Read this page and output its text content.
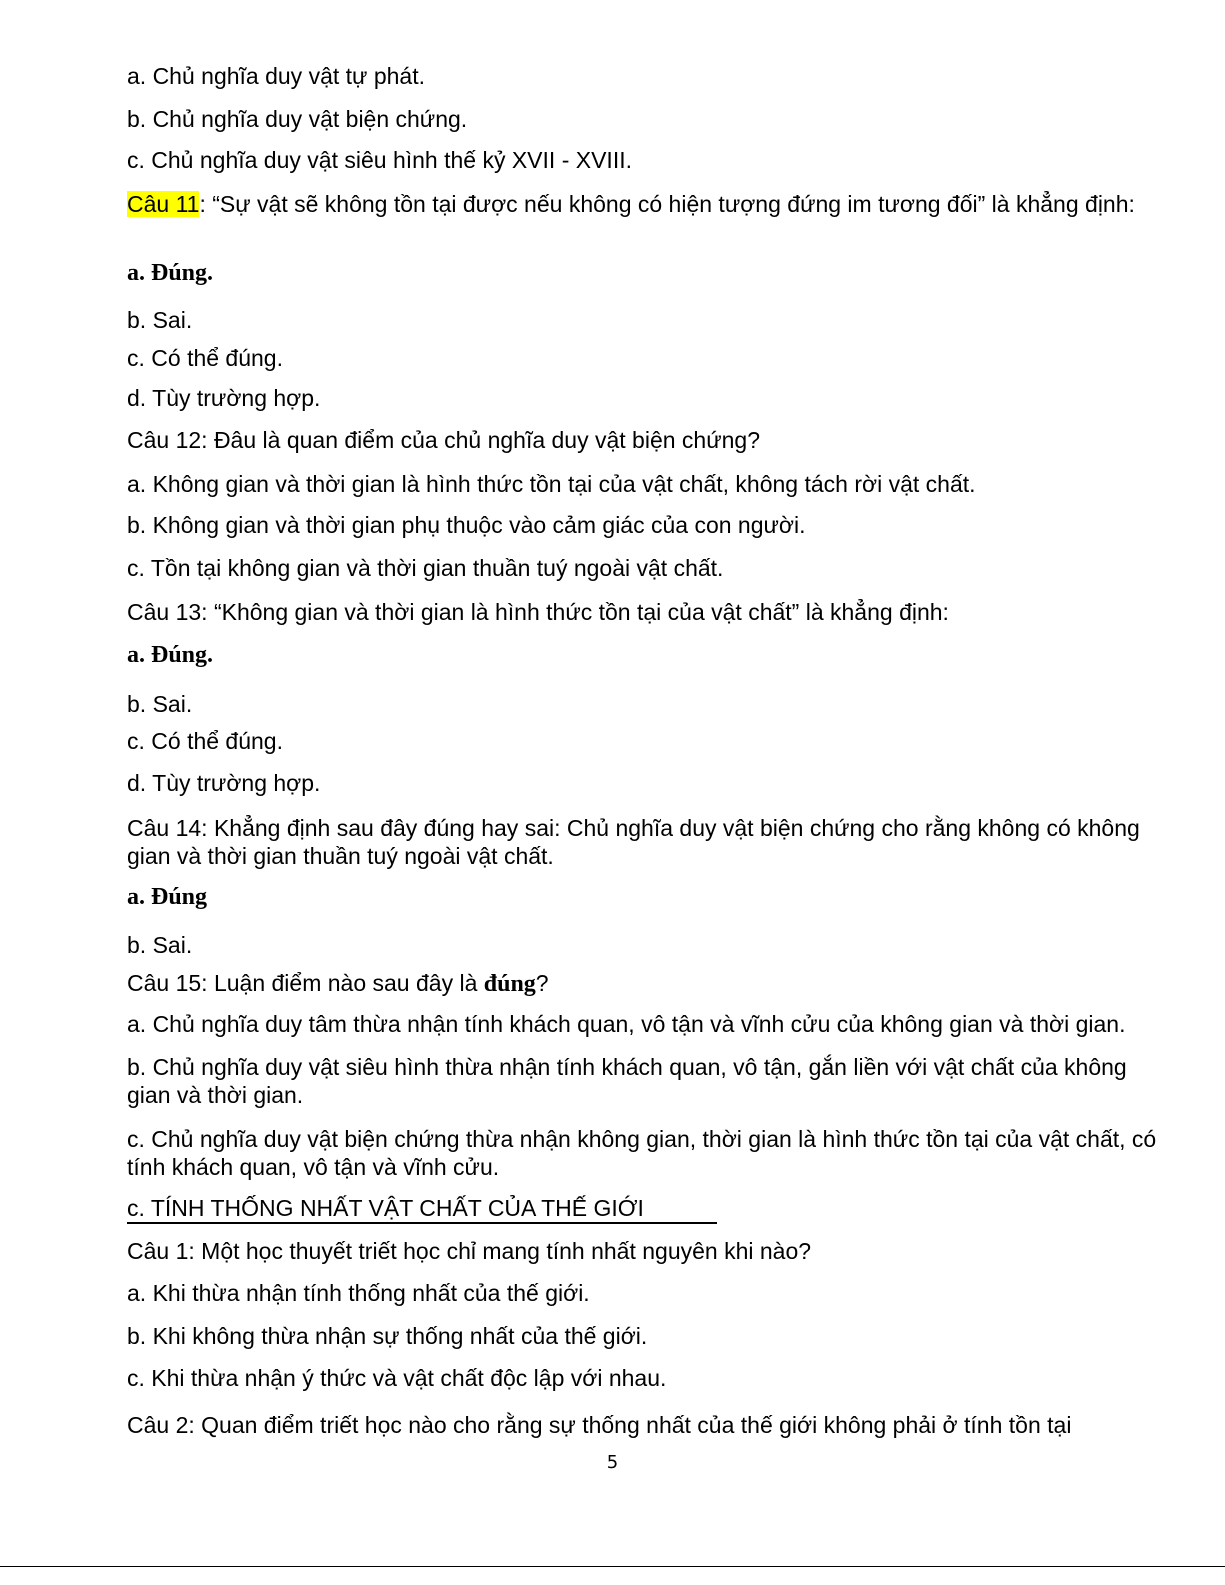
a. Chủ nghĩa duy vật tự phát.
b. Chủ nghĩa duy vật biện chứng.
c. Chủ nghĩa duy vật siêu hình thế kỷ XVII - XVIII.
Câu 11: “Sự vật sẽ không tồn tại được nếu không có hiện tượng đứng im tương đối” là khẳng định:
a. Đúng.
b. Sai.
c. Có thể đúng.
d. Tùy trường hợp.
Câu 12: Đâu là quan điểm của chủ nghĩa duy vật biện chứng?
a. Không gian và thời gian là hình thức tồn tại của vật chất, không tách rời vật chất.
b. Không gian và thời gian phụ thuộc vào cảm giác của con người.
c. Tồn tại không gian và thời gian thuần tuý ngoài vật chất.
Câu 13: “Không gian và thời gian là hình thức tồn tại của vật chất” là khẳng định:
a. Đúng.
b. Sai.
c. Có thể đúng.
d. Tùy trường hợp.
Câu 14: Khẳng định sau đây đúng hay sai: Chủ nghĩa duy vật biện chứng cho rằng không có không gian và thời gian thuần tuý ngoài vật chất.
a. Đúng
b. Sai.
Câu 15: Luận điểm nào sau đây là đúng?
a. Chủ nghĩa duy tâm thừa nhận tính khách quan, vô tận và vĩnh cửu của không gian và thời gian.
b. Chủ nghĩa duy vật siêu hình thừa nhận tính khách quan, vô tận, gắn liền với vật chất của không gian và thời gian.
c. Chủ nghĩa duy vật biện chứng thừa nhận không gian, thời gian là hình thức tồn tại của vật chất, có tính khách quan, vô tận và vĩnh cửu.
c. TÍNH THỐNG NHẤT VẬT CHẤT CỦA THẾ GIỚI
Câu 1: Một học thuyết triết học chỉ mang tính nhất nguyên khi nào?
a. Khi thừa nhận tính thống nhất của thế giới.
b. Khi không thừa nhận sự thống nhất của thế giới.
c. Khi thừa nhận ý thức và vật chất độc lập với nhau.
Câu 2: Quan điểm triết học nào cho rằng sự thống nhất của thế giới không phải ở tính tồn tại
5
